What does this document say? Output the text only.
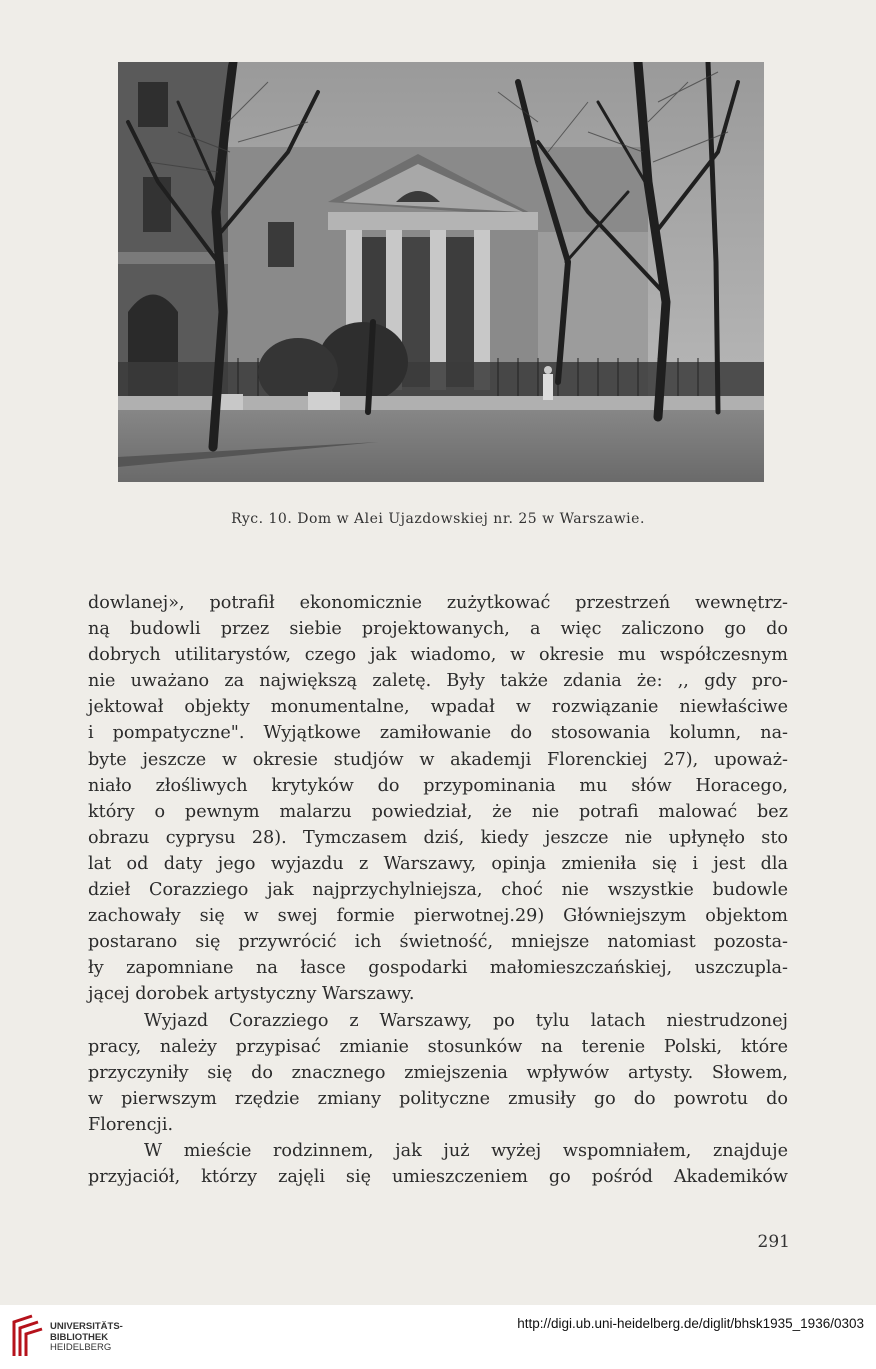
Ryc. 10. Dom w Alei Ujazdowskiej nr. 25 w Warszawie.

dowlanej», potrafił ekonomicznie zużytkować przestrzeń wewnętrz-
ną budowli przez siebie projektowanych, a więc zaliczono go do
dobrych utilitarystów, czego jak wiadomo, w okresie mu współczesnym
nie uważano za największą zaletę. Były także zdania że: ,, gdy pro-
jektował objekty monumentalne, wpadał w rozwiązanie niewłaściwe
i pompatyczne". Wyjątkowe zamiłowanie do stosowania kolumn, na-
byte jeszcze w okresie studjów w akademji Florenckiej 27), upoważ-
niało złośliwych krytyków do przypominania mu słów Horacego,
który o pewnym malarzu powiedział, że nie potrafi malować bez
obrazu cyprysu 28). Tymczasem dziś, kiedy jeszcze nie upłynęło sto
lat od daty jego wyjazdu z Warszawy, opinja zmieniła się i jest dla
dzieł Corazziego jak najprzychylniejsza, choć nie wszystkie budowle
zachowały się w swej formie pierwotnej.29) Główniejszym objektom
postarano się przywrócić ich świetność, mniejsze natomiast pozosta-
ły zapomniane na łasce gospodarki małomieszczańskiej, uszczupla-
jącej dorobek artystyczny Warszawy.

Wyjazd Corazziego z Warszawy, po tylu latach niestrudzonej
pracy, należy przypisać zmianie stosunków na terenie Polski, które
przyczyniły się do znacznego zmiejszenia wpływów artysty. Słowem,
w pierwszym rzędzie zmiany polityczne zmusiły go do powrotu do
Florencji.

W mieście rodzinnem, jak już wyżej wspomniałem, znajduje
przyjaciół, którzy zajęli się umieszczeniem go pośród Akademików

291
UNIVERSITÄTS-
BIBLIOTHEK
HEIDELBERG
http://digi.ub.uni-heidelberg.de/diglit/bhsk1935_1936/0303
